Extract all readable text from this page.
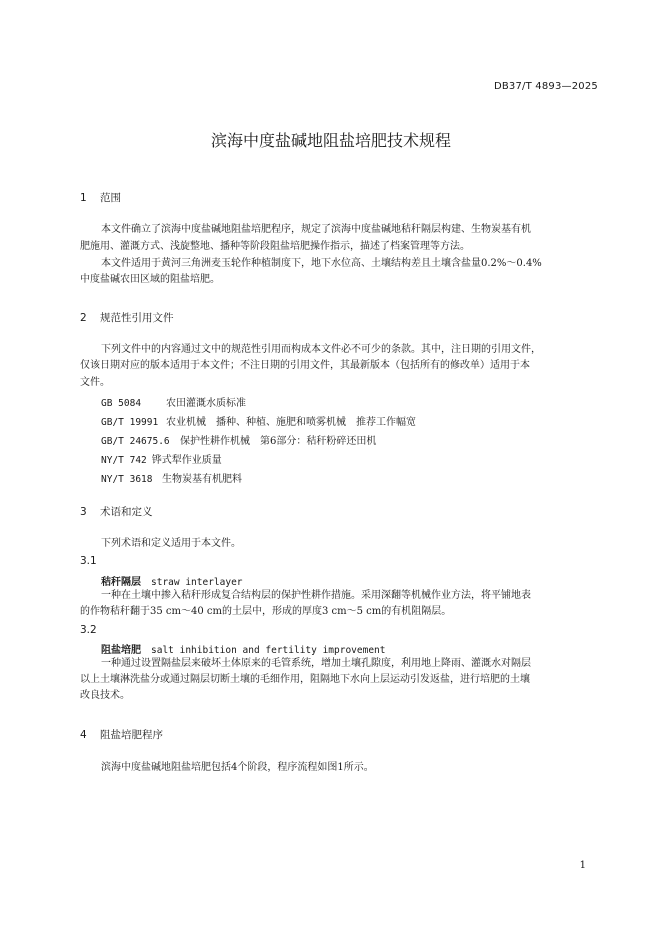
DB37/T 4893—2025
滨海中度盐碱地阻盐培肥技术规程
1 范围
本文件确立了滨海中度盐碱地阻盐培肥程序，规定了滨海中度盐碱地秸秆隔层构建、生物炭基有机
肥施用、灌溉方式、浅旋整地、播种等阶段阻盐培肥操作指示，描述了档案管理等方法。
本文件适用于黄河三角洲麦玉轮作种植制度下，地下水位高、土壤结构差且土壤含盐量0.2%～0.4%
中度盐碱农田区域的阻盐培肥。
2 规范性引用文件
下列文件中的内容通过文中的规范性引用而构成本文件必不可少的条款。其中，注日期的引用文件，
仅该日期对应的版本适用于本文件；不注日期的引用文件，其最新版本（包括所有的修改单）适用于本
文件。
GB 5084 农田灌溉水质标准
GB/T 19991 农业机械　播种、种植、施肥和喷雾机械　推荐工作幅宽
GB/T 24675.6 保护性耕作机械　第6部分：秸秆粉碎还田机
NY/T 742 铧式犁作业质量
NY/T 3618 生物炭基有机肥料
3 术语和定义
下列术语和定义适用于本文件。
3.1
秸秆隔层 straw interlayer
一种在土壤中掺入秸秆形成复合结构层的保护性耕作措施。采用深翻等机械作业方法，将平铺地表
的作物秸秆翻于35 cm～40 cm的土层中，形成的厚度3 cm～5 cm的有机阻隔层。
3.2
阻盐培肥 salt inhibition and fertility improvement
一种通过设置隔盐层来破坏土体原来的毛管系统，增加土壤孔隙度，利用地上降雨、灌溉水对隔层
以上土壤淋洗盐分或通过隔层切断土壤的毛细作用，阻隔地下水向上层运动引发返盐，进行培肥的土壤
改良技术。
4 阻盐培肥程序
滨海中度盐碱地阻盐培肥包括4个阶段，程序流程如图1所示。
1
